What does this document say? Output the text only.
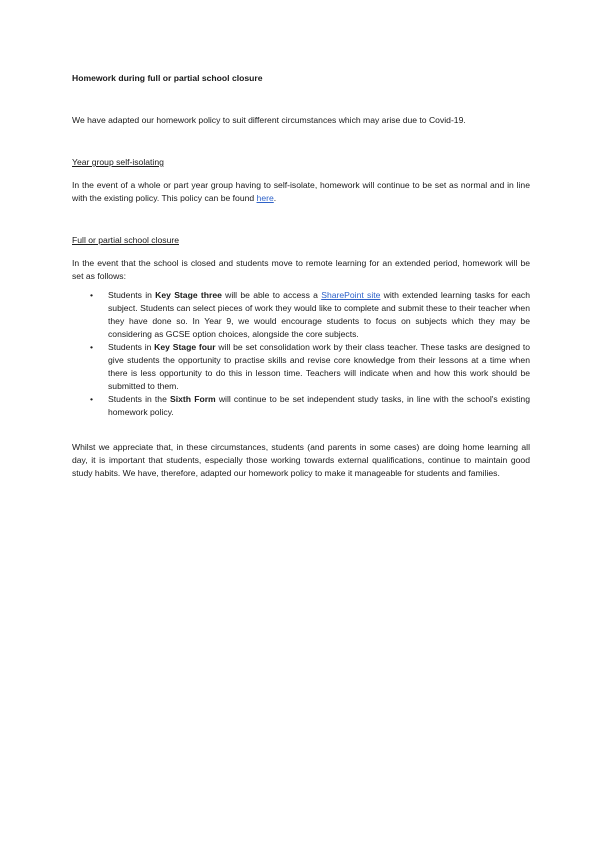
Homework during full or partial school closure

We have adapted our homework policy to suit different circumstances which may arise due to Covid-19.
Year group self-isolating
In the event of a whole or part year group having to self-isolate, homework will continue to be set as normal and in line with the existing policy. This policy can be found here.
Full or partial school closure
In the event that the school is closed and students move to remote learning for an extended period, homework will be set as follows:
• Students in Key Stage three will be able to access a SharePoint site with extended learning tasks for each subject. Students can select pieces of work they would like to complete and submit these to their teacher when they have done so. In Year 9, we would encourage students to focus on subjects which they may be considering as GCSE option choices, alongside the core subjects.
• Students in Key Stage four will be set consolidation work by their class teacher. These tasks are designed to give students the opportunity to practise skills and revise core knowledge from their lessons at a time when there is less opportunity to do this in lesson time. Teachers will indicate when and how this work should be submitted to them.
• Students in the Sixth Form will continue to be set independent study tasks, in line with the school's existing homework policy.
Whilst we appreciate that, in these circumstances, students (and parents in some cases) are doing home learning all day, it is important that students, especially those working towards external qualifications, continue to maintain good study habits. We have, therefore, adapted our homework policy to make it manageable for students and families.
